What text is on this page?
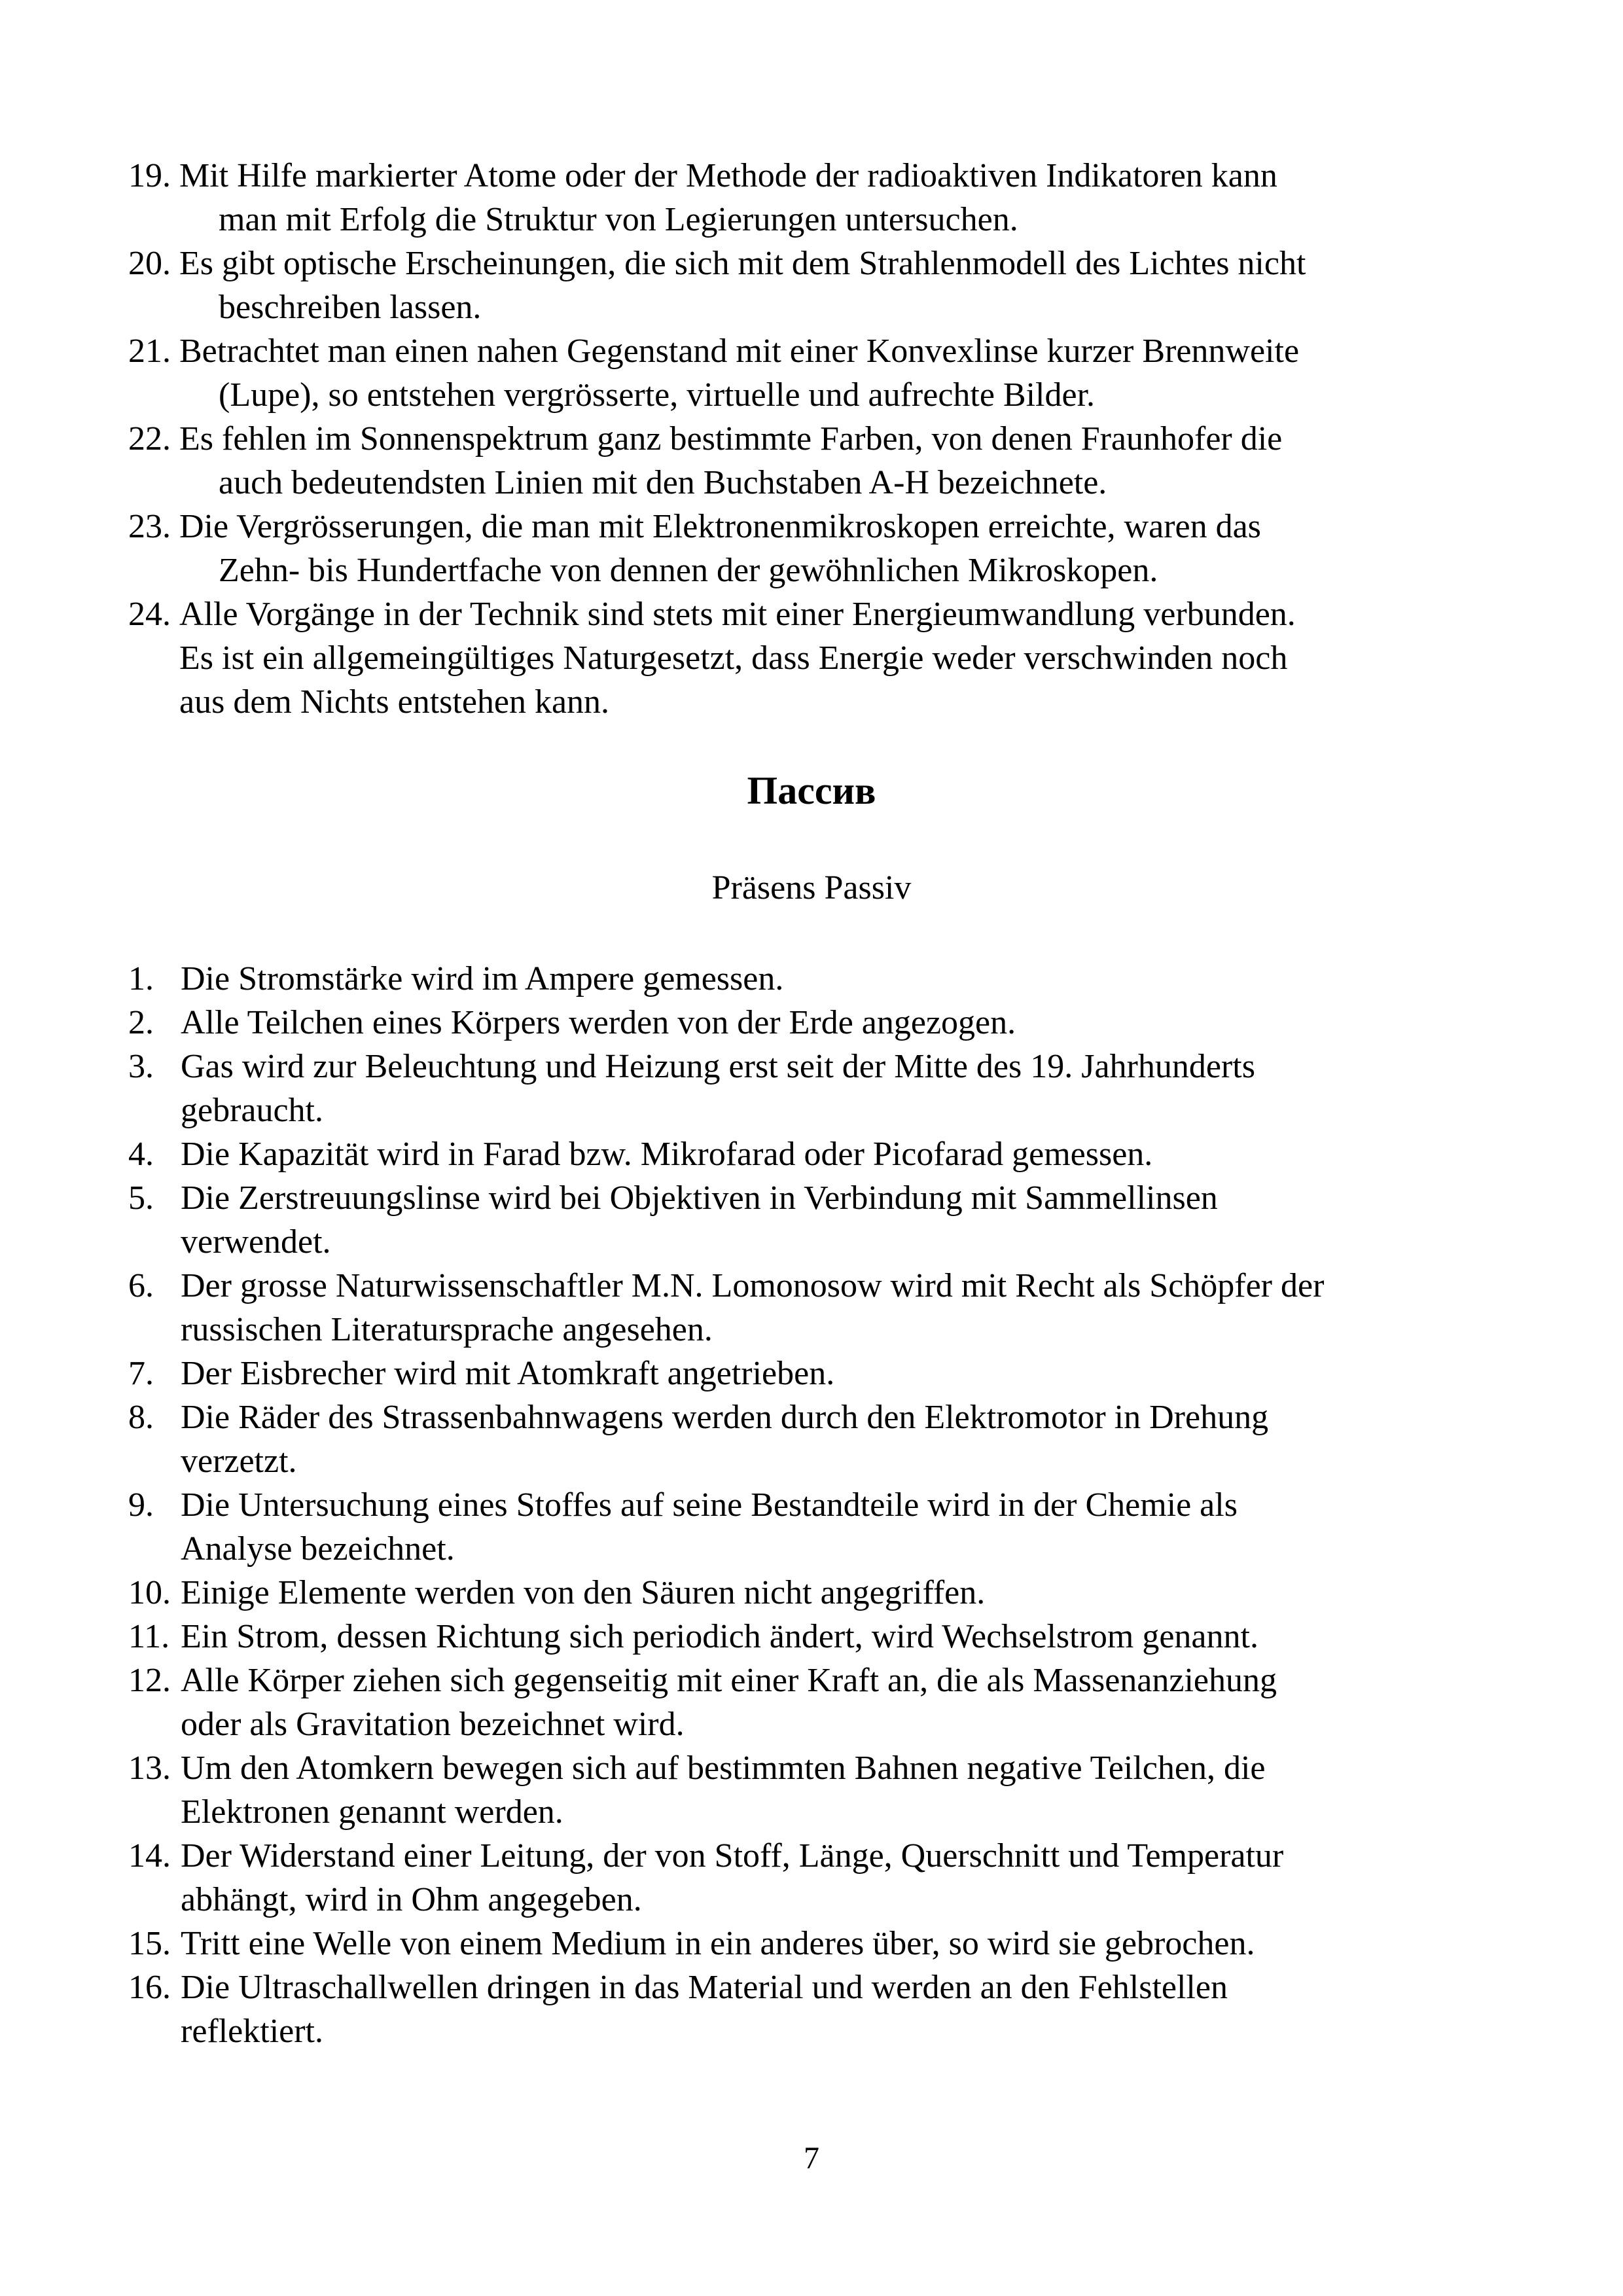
19. Mit Hilfe markierter Atome oder der Methode der radioaktiven Indikatoren kann
man mit Erfolg die Struktur von Legierungen untersuchen.
20. Es gibt optische Erscheinungen, die sich mit dem Strahlenmodell des Lichtes nicht
beschreiben lassen.
21. Betrachtet man einen nahen Gegenstand mit einer Konvexlinse kurzer Brennweite
(Lupe), so entstehen vergrösserte, virtuelle und aufrechte Bilder.
22. Es fehlen im Sonnenspektrum ganz bestimmte Farben, von denen Fraunhofer die
auch bedeutendsten Linien mit den Buchstaben A-H bezeichnete.
23. Die Vergrösserungen, die man mit Elektronenmikroskopen erreichte, waren das
Zehn- bis Hundertfache von dennen der gewöhnlichen Mikroskopen.
24. Alle Vorgänge in der Technik sind stets mit einer Energieumwandlung verbunden.
Es ist ein allgemeingültiges Naturgesetzt, dass Energie weder verschwinden noch
aus dem Nichts entstehen kann.
Пассив
Präsens Passiv
1. Die Stromstärke wird im Ampere gemessen.
2. Alle Teilchen eines Körpers werden von der Erde angezogen.
3. Gas wird zur Beleuchtung und Heizung erst seit der Mitte des 19. Jahrhunderts
gebraucht.
4. Die Kapazität wird in Farad bzw. Mikrofarad oder Picofarad gemessen.
5. Die Zerstreuungslinse wird bei Objektiven in Verbindung mit Sammellinsen
verwendet.
6. Der grosse Naturwissenschaftler M.N. Lomonosow wird mit Recht als Schöpfer der
russischen Literatursprache angesehen.
7. Der Eisbrecher wird mit Atomkraft angetrieben.
8. Die Räder des Strassenbahnwagens werden durch den Elektromotor in Drehung
verzetzt.
9. Die Untersuchung eines Stoffes auf seine Bestandteile wird in der Chemie als
Analyse bezeichnet.
10. Einige Elemente werden von den Säuren nicht angegriffen.
11. Ein Strom, dessen Richtung sich periodich ändert, wird Wechselstrom genannt.
12. Alle Körper ziehen sich gegenseitig mit einer Kraft an, die als Massenanziehung
oder als Gravitation bezeichnet wird.
13. Um den Atomkern bewegen sich auf bestimmten Bahnen negative Teilchen, die
Elektronen genannt werden.
14. Der Widerstand einer Leitung, der von Stoff, Länge, Querschnitt und Temperatur
abhängt, wird in Ohm angegeben.
15. Tritt eine Welle von einem Medium in ein anderes über, so wird sie gebrochen.
16. Die Ultraschallwellen dringen in das Material und werden an den Fehlstellen
reflektiert.
7
